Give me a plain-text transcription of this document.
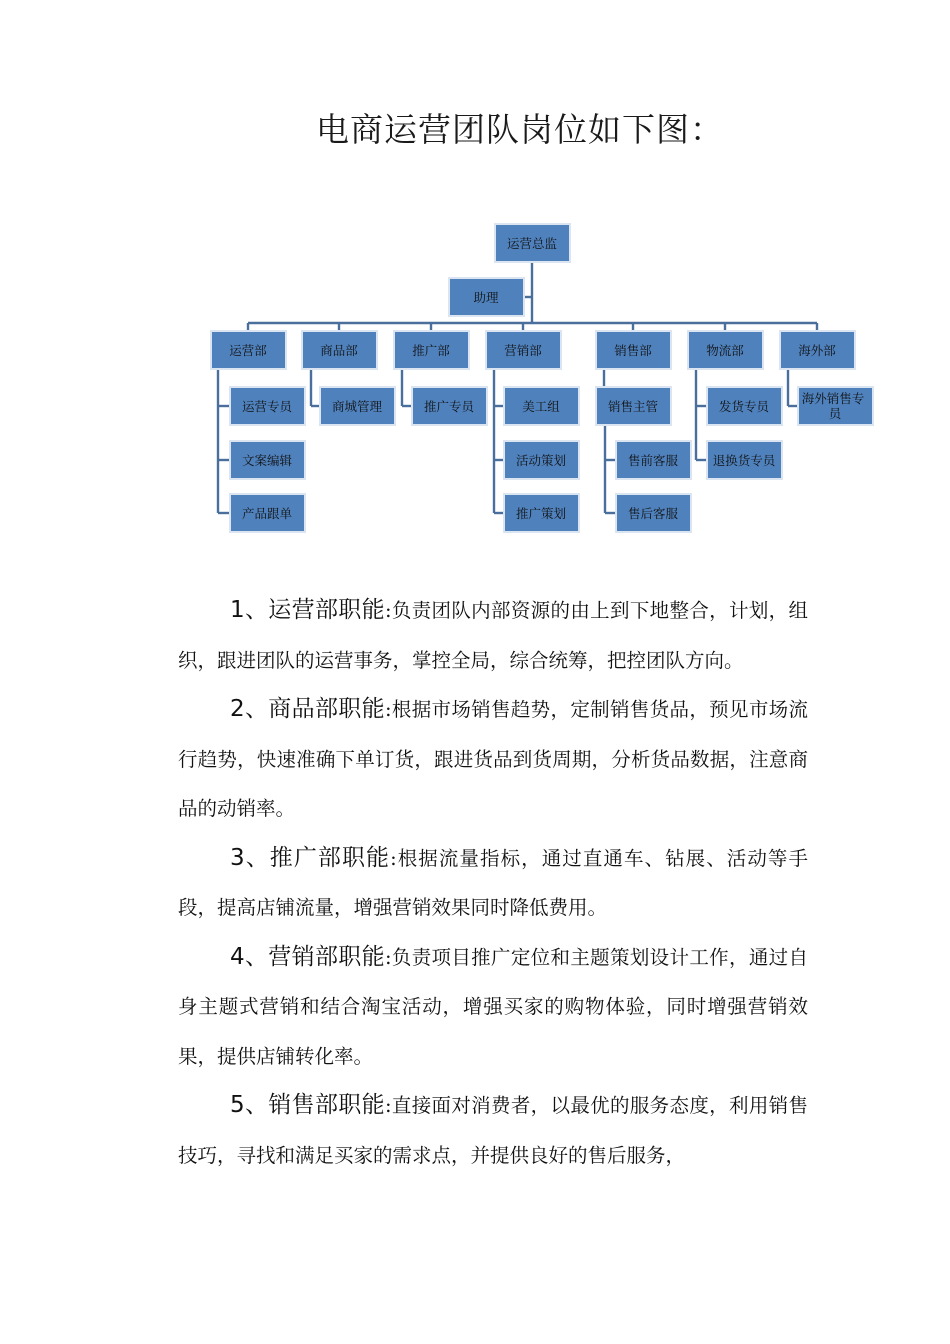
电商运营团队岗位如下图：
运营总监
助理
运营部	商品部	推广部	营销部	销售部	物流部	海外部
运营专员
文案编辑
产品跟单
商城管理	推广专员	美工组
活动策划
推广策划
销售主管
售前客服
售后客服
发货专员
退换货专员
海外销售专 员

1、运营部职能:负责团队内部资源的由上到下地整合，计划，组织，跟进团队的运营事务，掌控全局，综合统筹，把控团队方向。

2、商品部职能:根据市场销售趋势，定制销售货品，预见市场流行趋势，快速准确下单订货，跟进货品到货周期，分析货品数据，注意商品的动销率。

3、推广部职能:根据流量指标，通过直通车、钻展、活动等手段，提高店铺流量，增强营销效果同时降低费用。

4、营销部职能:负责项目推广定位和主题策划设计工作，通过自身主题式营销和结合淘宝活动，增强买家的购物体验，同时增强营销效果，提供店铺转化率。

5、销售部职能:直接面对消费者，以最优的服务态度，利用销售技巧，寻找和满足买家的需求点，并提供良好的售后服务，
